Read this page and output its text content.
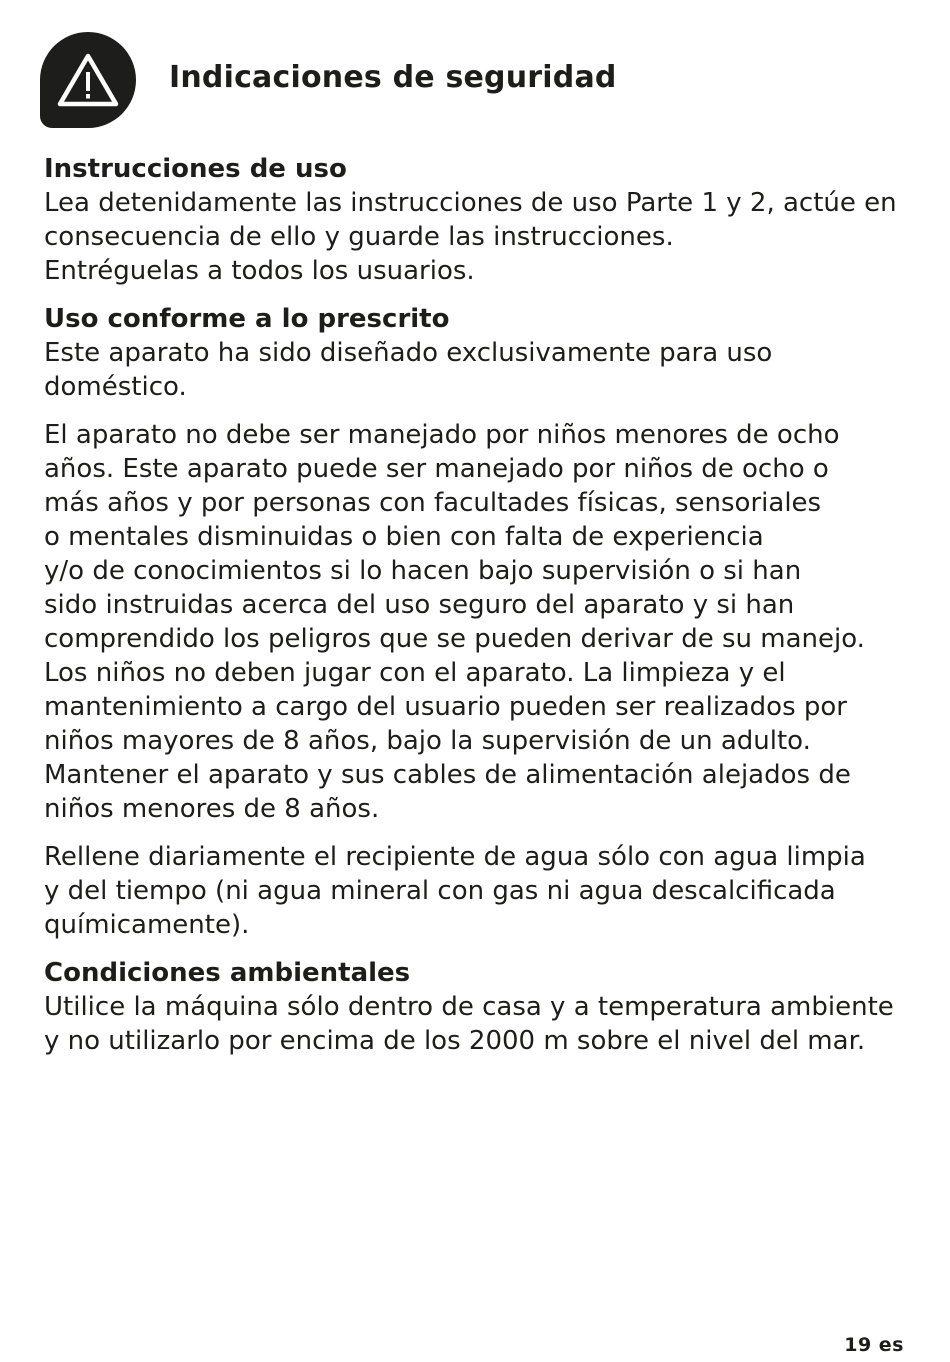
Indicaciones de seguridad
Instrucciones de uso
Lea detenidamente las instrucciones de uso Parte 1 y 2, actúe en
consecuencia de ello y guarde las instrucciones.
Entréguelas a todos los usuarios.
Uso conforme a lo prescrito
Este aparato ha sido diseñado exclusivamente para uso
doméstico.
El aparato no debe ser manejado por niños menores de ocho
años. Este aparato puede ser manejado por niños de ocho o
más años y por personas con facultades físicas, sensoriales
o mentales disminuidas o bien con falta de experiencia
y/o de conocimientos si lo hacen bajo supervisión o si han
sido instruidas acerca del uso seguro del aparato y si han
comprendido los peligros que se pueden derivar de su manejo.
Los niños no deben jugar con el aparato. La limpieza y el
mantenimiento a cargo del usuario pueden ser realizados por
niños mayores de 8 años, bajo la supervisión de un adulto.
Mantener el aparato y sus cables de alimentación alejados de
niños menores de 8 años.
Rellene diariamente el recipiente de agua sólo con agua limpia
y del tiempo (ni agua mineral con gas ni agua descalcificada
químicamente).
Condiciones ambientales
Utilice la máquina sólo dentro de casa y a temperatura ambiente
y no utilizarlo por encima de los 2000 m sobre el nivel del mar.
19 es
